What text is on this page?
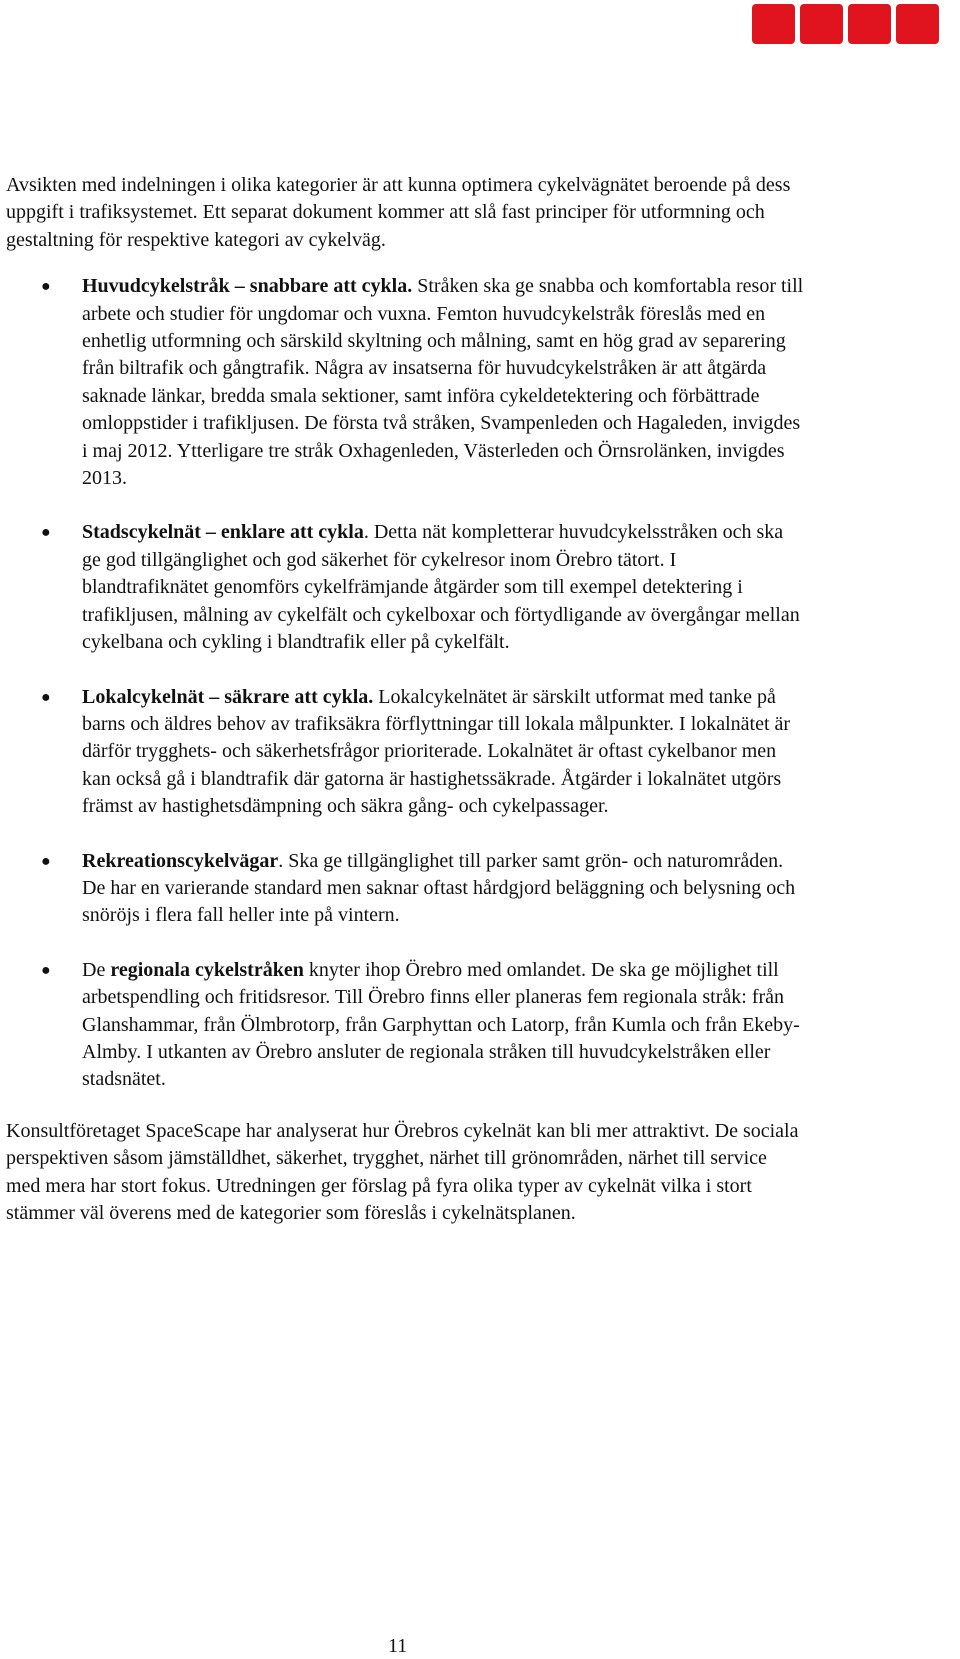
Avsikten med indelningen i olika kategorier är att kunna optimera cykelvägnätet beroende på dess uppgift i trafiksystemet. Ett separat dokument kommer att slå fast principer för utformning och gestaltning för respektive kategori av cykelväg.

● Huvudcykelstråk – snabbare att cykla. Stråken ska ge snabba och komfortabla resor till arbete och studier för ungdomar och vuxna. Femton huvudcykelstråk föreslås med en enhetlig utformning och särskild skyltning och målning, samt en hög grad av separering från biltrafik och gångtrafik. Några av insatserna för huvudcykelstråken är att åtgärda saknade länkar, bredda smala sektioner, samt införa cykeldetektering och förbättrade omloppstider i trafikljusen. De första två stråken, Svampenleden och Hagaleden, invigdes i maj 2012. Ytterligare tre stråk Oxhagenleden, Västerleden och Örnsrolänken, invigdes 2013.
● Stadscykelnät – enklare att cykla. Detta nät kompletterar huvudcykelsstråken och ska ge god tillgänglighet och god säkerhet för cykelresor inom Örebro tätort. I blandtrafiknätet genomförs cykelfrämjande åtgärder som till exempel detektering i trafikljusen, målning av cykelfält och cykelboxar och förtydligande av övergångar mellan cykelbana och cykling i blandtrafik eller på cykelfält.
● Lokalcykelnät – säkrare att cykla. Lokalcykelnätet är särskilt utformat med tanke på barns och äldres behov av trafiksäkra förflyttningar till lokala målpunkter. I lokalnätet är därför trygghets- och säkerhetsfrågor prioriterade. Lokalnätet är oftast cykelbanor men kan också gå i blandtrafik där gatorna är hastighetssäkrade. Åtgärder i lokalnätet utgörs främst av hastighetsdämpning och säkra gång- och cykelpassager.
● Rekreationscykelvägar. Ska ge tillgänglighet till parker samt grön- och naturområden. De har en varierande standard men saknar oftast hårdgjord beläggning och belysning och snöröjs i flera fall heller inte på vintern.
● De regionala cykelstråken knyter ihop Örebro med omlandet. De ska ge möjlighet till arbetspendling och fritidsresor. Till Örebro finns eller planeras fem regionala stråk: från Glanshammar, från Ölmbrotorp, från Garphyttan och Latorp, från Kumla och från Ekeby-Almby. I utkanten av Örebro ansluter de regionala stråken till huvudcykelstråken eller stadsnätet.

Konsultföretaget SpaceScape har analyserat hur Örebros cykelnät kan bli mer attraktivt. De sociala perspektiven såsom jämställdhet, säkerhet, trygghet, närhet till grönområden, närhet till service med mera har stort fokus. Utredningen ger förslag på fyra olika typer av cykelnät vilka i stort stämmer väl överens med de kategorier som föreslås i cykelnätsplanen.

11
